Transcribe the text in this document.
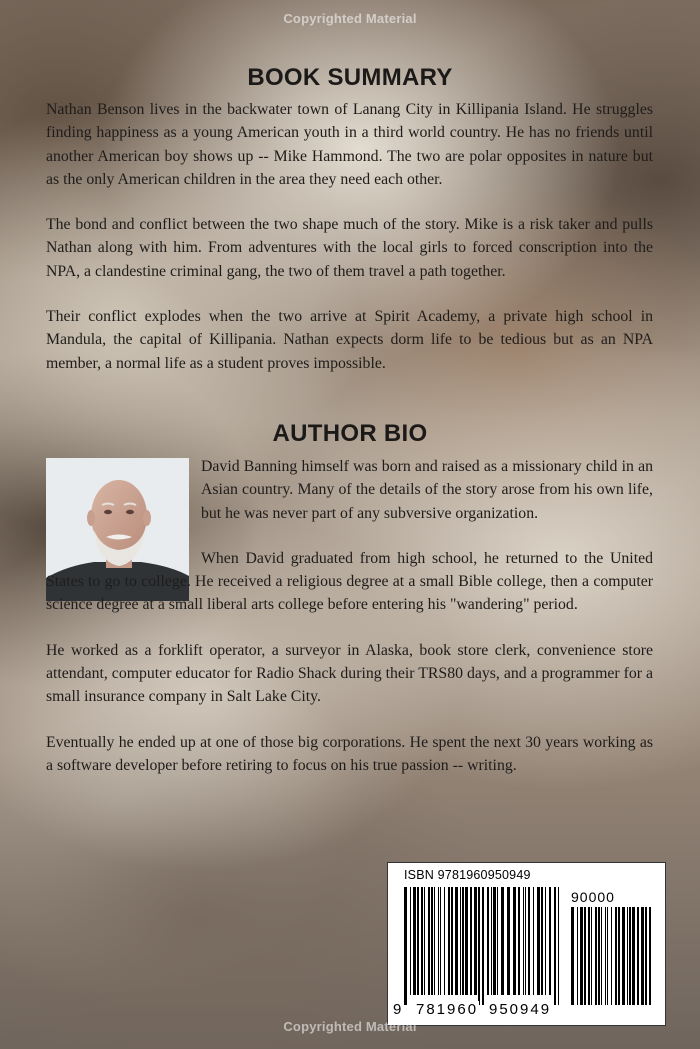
Copyrighted Material
BOOK SUMMARY
Nathan Benson lives in the backwater town of Lanang City in Killipania Island. He struggles finding happiness as a young American youth in a third world country. He has no friends until another American boy shows up -- Mike Hammond. The two are polar opposites in nature but as the only American children in the area they need each other.
The bond and conflict between the two shape much of the story. Mike is a risk taker and pulls Nathan along with him. From adventures with the local girls to forced conscription into the NPA, a clandestine criminal gang, the two of them travel a path together.
Their conflict explodes when the two arrive at Spirit Academy, a private high school in Mandula, the capital of Killipania. Nathan expects dorm life to be tedious but as an NPA member, a normal life as a student proves impossible.
AUTHOR BIO
David Banning himself was born and raised as a missionary child in an Asian country. Many of the details of the story arose from his own life, but he was never part of any subversive organization.
When David graduated from high school, he returned to the United States to go to college. He received a religious degree at a small Bible college, then a computer science degree at a small liberal arts college before entering his "wandering" period.
He worked as a forklift operator, a surveyor in Alaska, book store clerk, convenience store attendant, computer educator for Radio Shack during their TRS80 days, and a programmer for a small insurance company in Salt Lake City.
Eventually he ended up at one of those big corporations. He spent the next 30 years working as a software developer before retiring to focus on his true passion -- writing.
ISBN 9781960950949
90000
9 781960 950949
Copyrighted Material
